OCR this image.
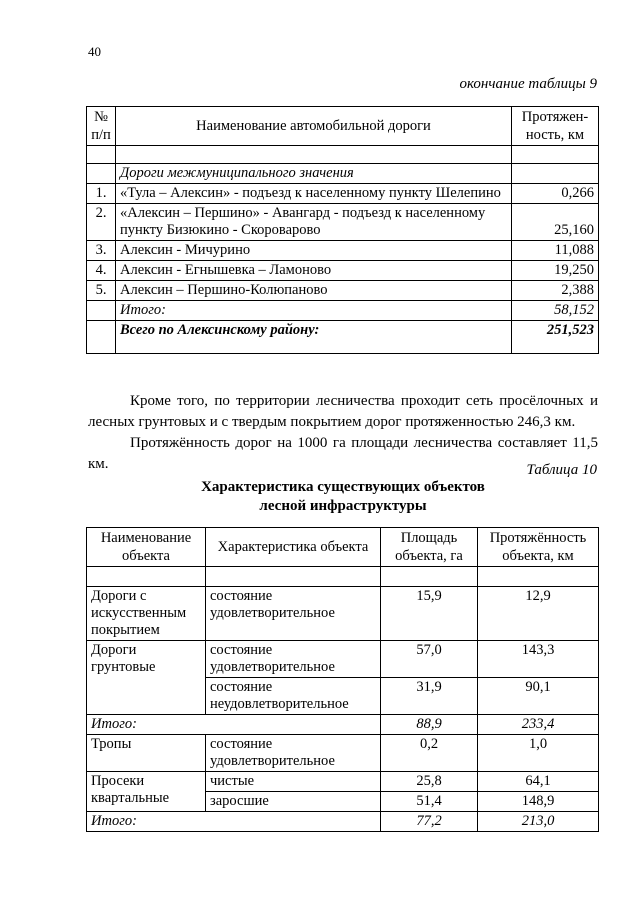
40
окончание таблицы 9
№ п/п	Наименование автомобильной дороги	Протяжен-ность, км

	Дороги межмуниципального значения	
1.	«Тула – Алексин» - подъезд к населенному пункту Шелепино	0,266
2.	«Алексин – Першино» - Авангард - подъезд к населенному пункту Бизюкино - Скороварово	25,160
3.	Алексин - Мичурино	11,088
4.	Алексин - Егнышевка – Ламоново	19,250
5.	Алексин – Першино-Колюпаново	2,388
	Итого:	58,152
	Всего по Алексинскому району:	251,523
Кроме того, по территории лесничества проходит сеть просёлочных и лесных грунтовых и с твердым покрытием дорог протяженностью 246,3 км.
Протяжённость дорог на 1000 га площади лесничества составляет 11,5 км.	Таблица 10
Характеристика существующих объектов
лесной инфраструктуры
Наименование объекта	Характеристика объекта	Площадь объекта, га	Протяжённость объекта, км

Дороги с искусственным покрытием	состояние удовлетворительное	15,9	12,9
Дороги грунтовые	состояние удовлетворительное	57,0	143,3
	состояние неудовлетворительное	31,9	90,1
Итого:		88,9	233,4
Тропы	состояние удовлетворительное	0,2	1,0
Просеки квартальные	чистые	25,8	64,1
	заросшие	51,4	148,9
Итого:		77,2	213,0
